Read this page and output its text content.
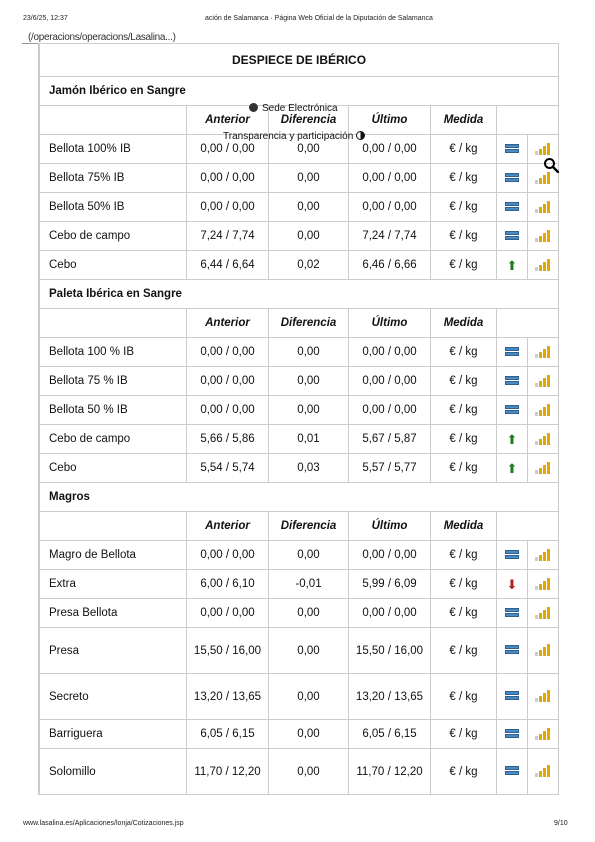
23/6/25, 12:37	ación de Salamanca · Página Web Oficial de la Diputación de Salamanca
(/operacions/operacions/Lasalina...)
DESPIECE DE IBÉRICO						
Jamón Ibérico en Sangre						
	Anterior	Diferencia	Último	Medida		
Bellota 100% IB	0,00 / 0,00	0,00	0,00 / 0,00	€ / kg	

Bellota 75% IB	0,00 / 0,00	0,00	0,00 / 0,00	€ / kg	

Bellota 50% IB	0,00 / 0,00	0,00	0,00 / 0,00	€ / kg	

Cebo de campo	7,24 / 7,74	0,00	7,24 / 7,74	€ / kg	

Cebo	6,44 / 6,64	0,02	6,46 / 6,66	€ / kg	⬆	

Paleta Ibérica en Sangre						
	Anterior	Diferencia	Último	Medida		
Bellota 100 % IB	0,00 / 0,00	0,00	0,00 / 0,00	€ / kg	

Bellota 75 % IB	0,00 / 0,00	0,00	0,00 / 0,00	€ / kg	

Bellota 50 % IB	0,00 / 0,00	0,00	0,00 / 0,00	€ / kg	

Cebo de campo	5,66 / 5,86	0,01	5,67 / 5,87	€ / kg	⬆	

Cebo	5,54 / 5,74	0,03	5,57 / 5,77	€ / kg	⬆	

Magros						
	Anterior	Diferencia	Último	Medida		
Magro de Bellota	0,00 / 0,00	0,00	0,00 / 0,00	€ / kg	

Extra	6,00 / 6,10	-0,01	5,99 / 6,09	€ / kg	⬇	

Presa Bellota	0,00 / 0,00	0,00	0,00 / 0,00	€ / kg	

Presa	15,50 / 16,00	0,00	15,50 / 16,00	€ / kg	

Secreto	13,20 / 13,65	0,00	13,20 / 13,65	€ / kg	

Barriguera	6,05 / 6,15	0,00	6,05 / 6,15	€ / kg	

Solomillo	11,70 / 12,20	0,00	11,70 / 12,20	€ / kg	

Sede Electrónica
Transparencia y participación
www.lasalina.es/Aplicaciones/lonja/Cotizaciones.jsp	9/10
